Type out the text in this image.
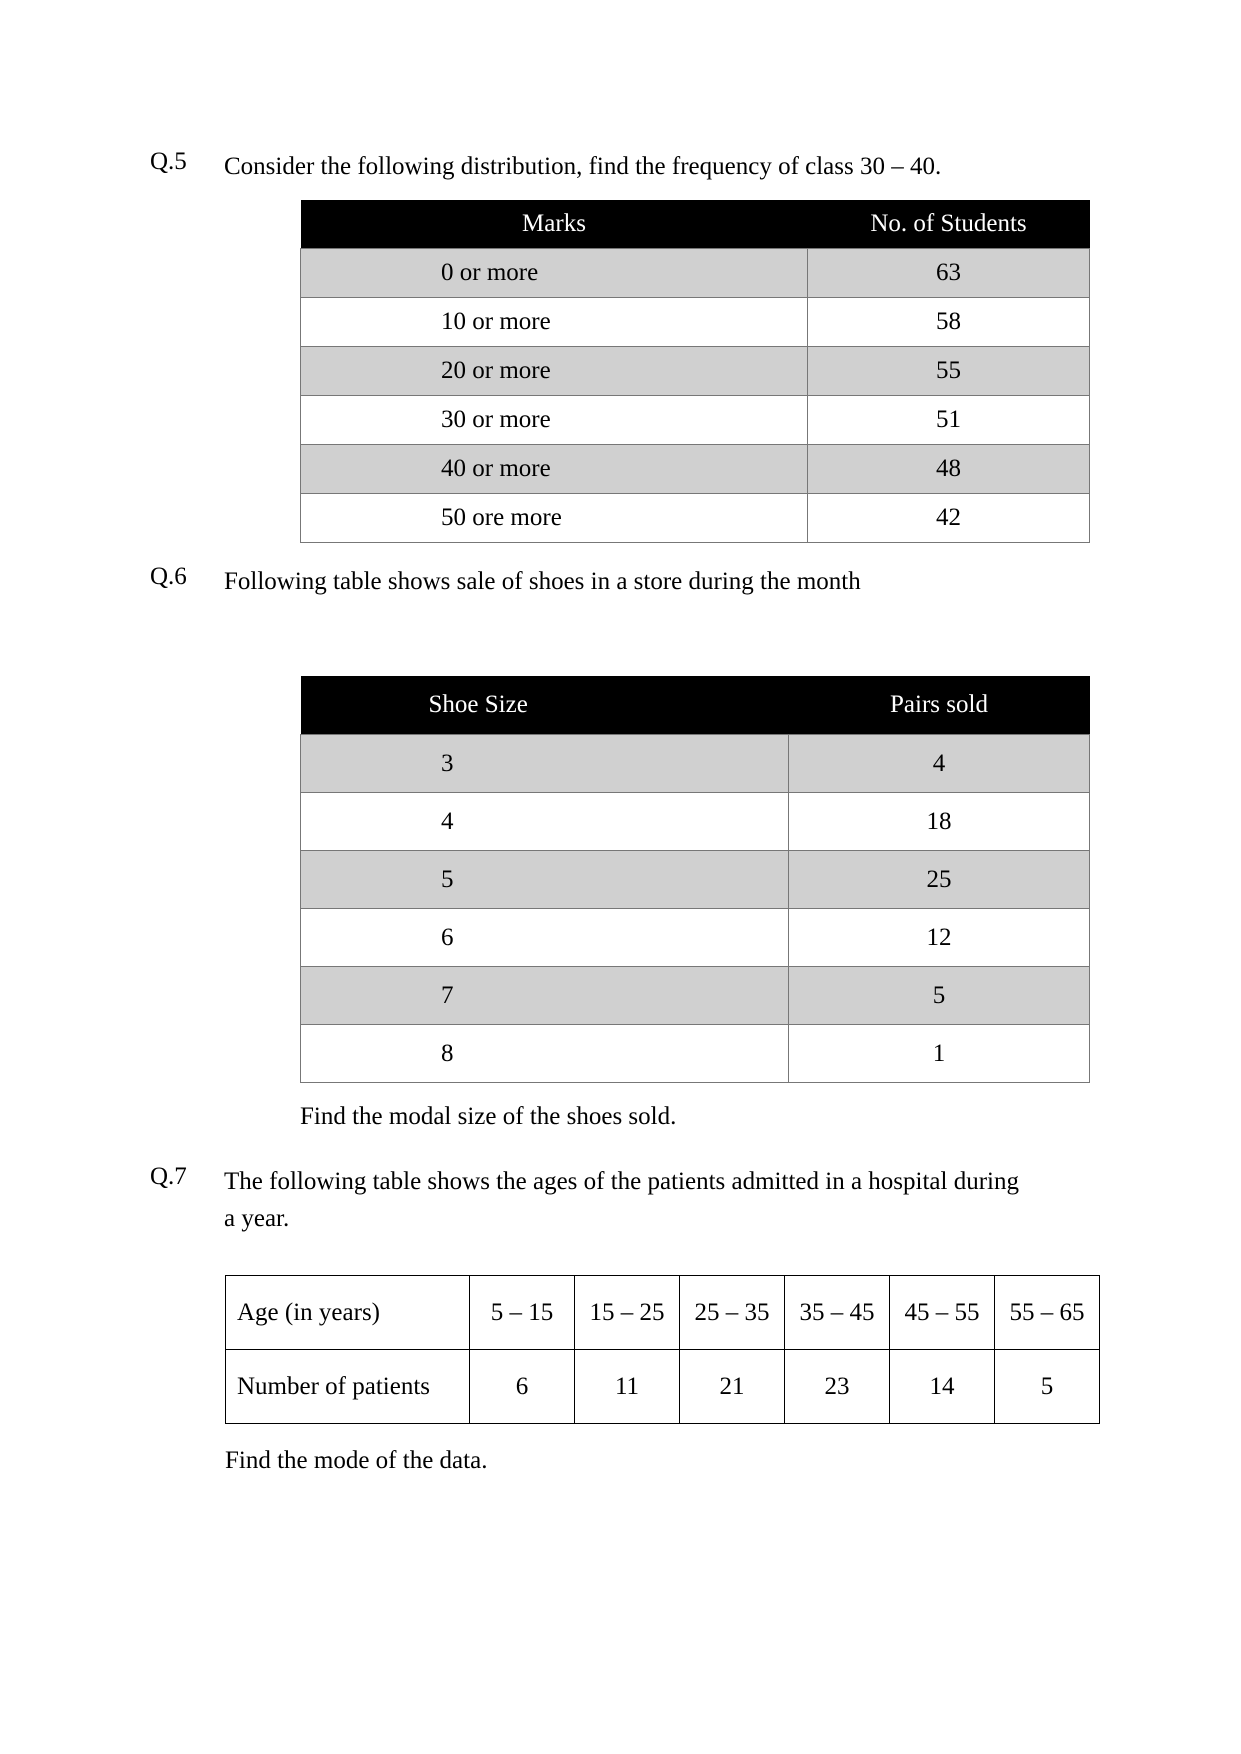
Q.5 Consider the following distribution, find the frequency of class 30 – 40.
Marks	No. of Students
0 or more	63
10 or more	58
20 or more	55
30 or more	51
40 or more	48
50 ore more	42
Q.6 Following table shows sale of shoes in a store during the month
Shoe Size	Pairs sold
3	4
4	18
5	25
6	12
7	5
8	1
Find the modal size of the shoes sold.
Q.7 The following table shows the ages of the patients admitted in a hospital during
a year.
Age (in years)	5 – 15	15 – 25	25 – 35	35 – 45	45 – 55	55 – 65
Number of patients	6	11	21	23	14	5
Find the mode of the data.
